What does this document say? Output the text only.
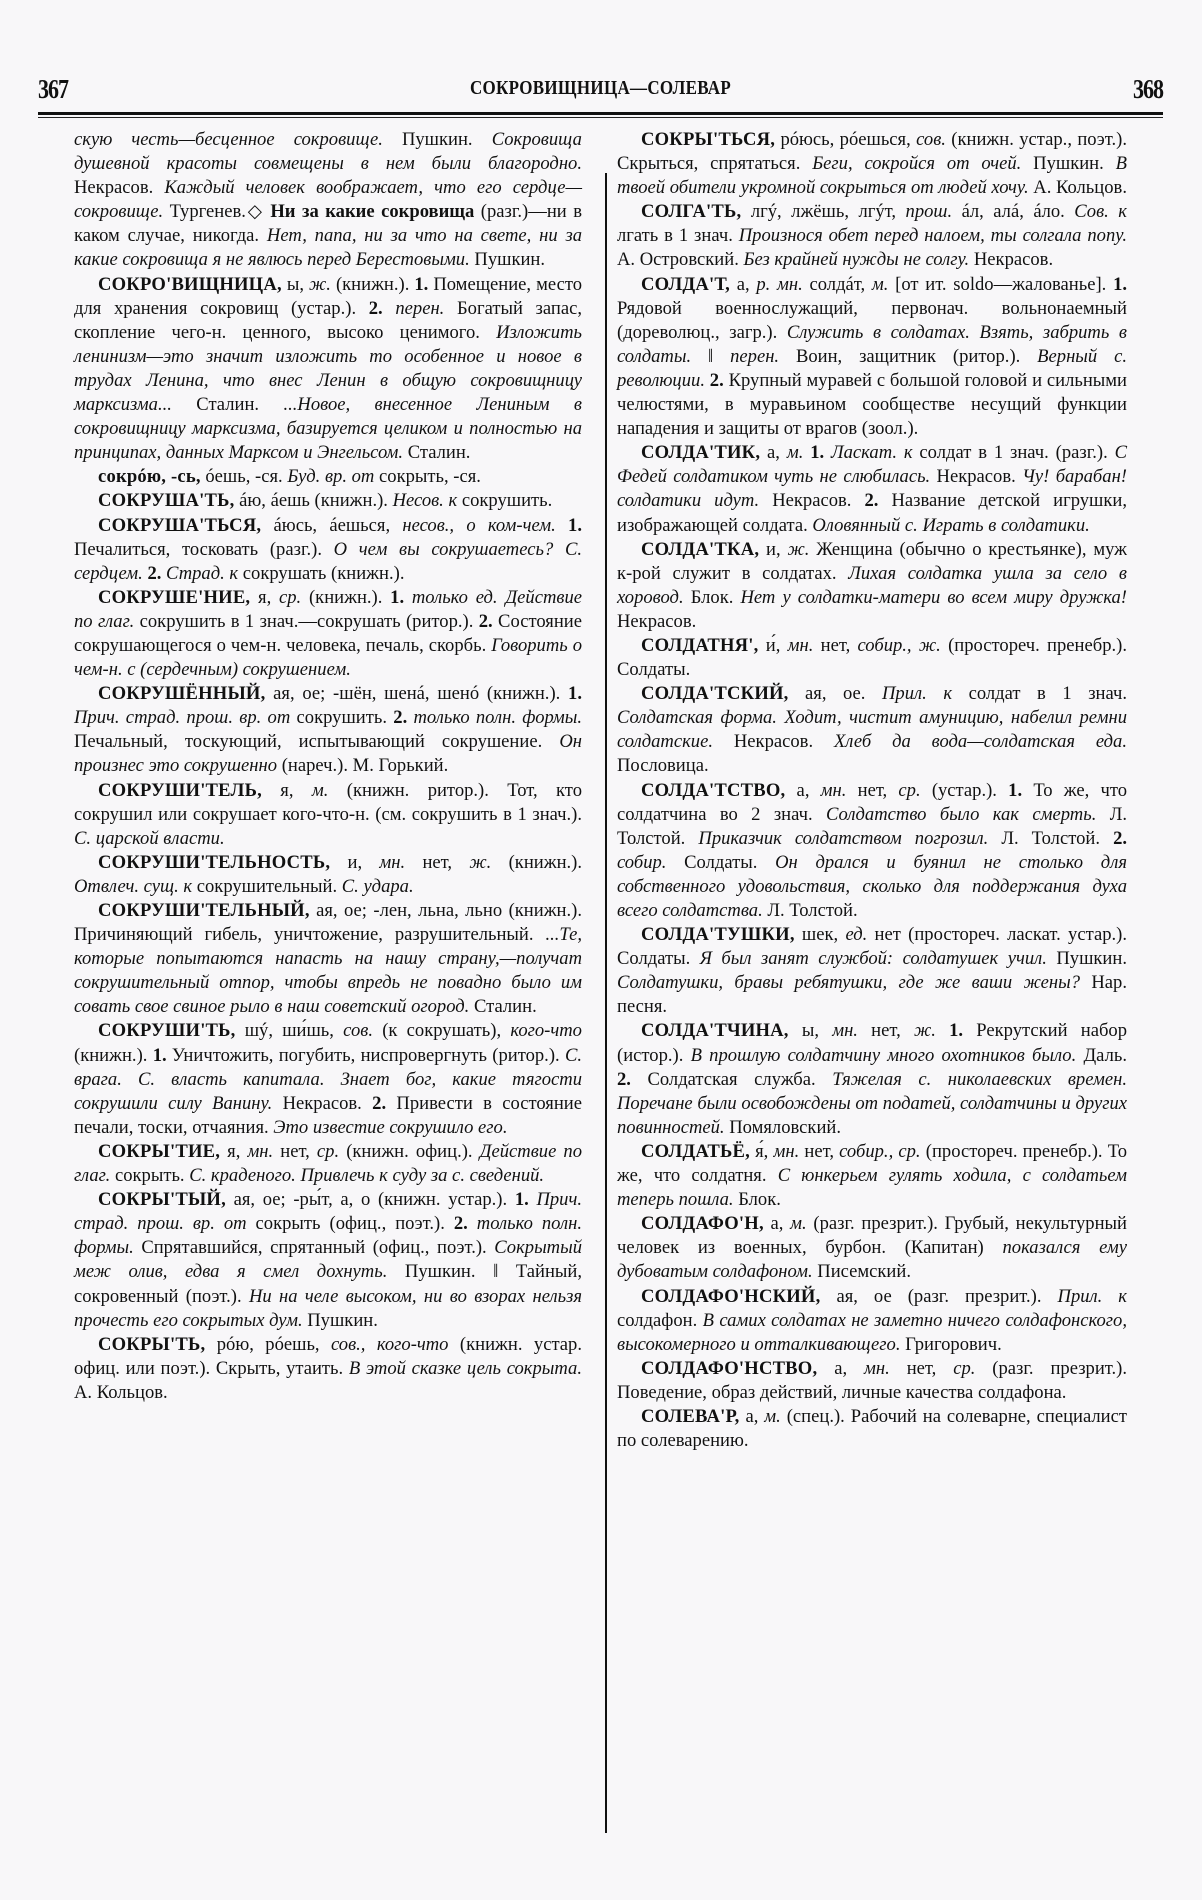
367	СОКРОВИЩНИЦА—СОЛЕВАР	368

скую честь—бесценное сокровище. Пушкин. Сокровища душевной красоты совмещены в нем были благородно. Некрасов. Каждый человек воображает, что его сердце—сокровище. Тургенев.◇ Ни за какие сокровища (разг.)—ни в каком случае, никогда. Нет, папа, ни за что на свете, ни за какие сокровища я не явлюсь перед Берестовыми. Пушкин.

СОКРО'ВИЩНИЦА, ы, ж. (книжн.). 1. Помещение, место для хранения сокровищ (устар.). 2. перен. Богатый запас, скопление чего-н. ценного, высоко ценимого. Изложить ленинизм—это значит изложить то особенное и новое в трудах Ленина, что внес Ленин в общую сокровищницу марксизма... Сталин. ...Новое, внесенное Лениным в сокровищницу марксизма, базируется целиком и полностью на принципах, данных Марксом и Энгельсом. Сталин.

сокрóю, -сь, óешь, -ся. Буд. вр. от сокрыть, -ся.

СОКРУША'ТЬ, áю, áешь (книжн.). Несов. к сокрушить.

СОКРУША'ТЬСЯ, áюсь, áешься, несов., о ком-чем. 1. Печалиться, тосковать (разг.). О чем вы сокрушаетесь? С. сердцем. 2. Страд. к сокрушать (книжн.).

СОКРУШЕ'НИЕ, я, ср. (книжн.). 1. только ед. Действие по глаг. сокрушить в 1 знач.—сокрушать (ритор.). 2. Состояние сокрушающегося о чем-н. человека, печаль, скорбь. Говорить о чем-н. с (сердечным) сокрушением.

СОКРУШЁННЫЙ, ая, ое; -шён, шенá, шенó (книжн.). 1. Прич. страд. прош. вр. от сокрушить. 2. только полн. формы. Печальный, тоскующий, испытывающий сокрушение. Он произнес это сокрушенно (нареч.). М. Горький.

СОКРУШИ'ТЕЛЬ, я, м. (книжн. ритор.). Тот, кто сокрушил или сокрушает кого-что-н. (см. сокрушить в 1 знач.). С. царской власти.

СОКРУШИ'ТЕЛЬНОСТЬ, и, мн. нет, ж. (книжн.). Отвлеч. сущ. к сокрушительный. С. удара.

СОКРУШИ'ТЕЛЬНЫЙ, ая, ое; -лен, льна, льно (книжн.). Причиняющий гибель, уничтожение, разрушительный. ...Те, которые попытаются напасть на нашу страну,—получат сокрушительный отпор, чтобы впредь не повадно было им совать свое свиное рыло в наш советский огород. Сталин.

СОКРУШИ'ТЬ, шý, ши́шь, сов. (к сокрушать), кого-что (книжн.). 1. Уничтожить, погубить, ниспровергнуть (ритор.). С. врага. С. власть капитала. Знает бог, какие тягости сокрушили силу Ванину. Некрасов. 2. Привести в состояние печали, тоски, отчаяния. Это известие сокрушило его.

СОКРЫ'ТИЕ, я, мн. нет, ср. (книжн. офиц.). Действие по глаг. сокрыть. С. краденого. Привлечь к суду за с. сведений.

СОКРЫ'ТЫЙ, ая, ое; -ры́т, а, о (книжн. устар.). 1. Прич. страд. прош. вр. от сокрыть (офиц., поэт.). 2. только полн. формы. Спрятавшийся, спрятанный (офиц., поэт.). Сокрытый меж олив, едва я смел дохнуть. Пушкин. ‖ Тайный, сокровенный (поэт.). Ни на челе высоком, ни во взорах нельзя прочесть его сокрытых дум. Пушкин.

СОКРЫ'ТЬ, рóю, рóешь, сов., кого-что (книжн. устар. офиц. или поэт.). Скрыть, утаить. В этой сказке цель сокрыта. А. Кольцов.

СОКРЫ'ТЬСЯ, рóюсь, рóешься, сов. (книжн. устар., поэт.). Скрыться, спрятаться. Беги, сокройся от очей. Пушкин. В твоей обители укромной сокрыться от людей хочу. А. Кольцов.

СОЛГА'ТЬ, лгý, лжёшь, лгýт, прош. áл, алá, áло. Сов. к лгать в 1 знач. Произнося обет перед налоем, ты солгала попу. А. Островский. Без крайней нужды не солгу. Некрасов.

СОЛДА'Т, а, р. мн. солдáт, м. [от ит. soldo—жалованье]. 1. Рядовой военнослужащий, первонач. вольнонаемный (дореволюц., загр.). Служить в солдатах. Взять, забрить в солдаты. ‖ перен. Воин, защитник (ритор.). Верный с. революции. 2. Крупный муравей с большой головой и сильными челюстями, в муравьином сообществе несущий функции нападения и защиты от врагов (зоол.).

СОЛДА'ТИК, а, м. 1. Ласкат. к солдат в 1 знач. (разг.). С Федей солдатиком чуть не слюбилась. Некрасов. Чу! барабан! солдатики идут. Некрасов. 2. Название детской игрушки, изображающей солдата. Оловянный с. Играть в солдатики.

СОЛДА'ТКА, и, ж. Женщина (обычно о крестьянке), муж к-рой служит в солдатах. Лихая солдатка ушла за село в хоровод. Блок. Нет у солдатки-матери во всем миру дружка! Некрасов.

СОЛДАТНЯ', и́, мн. нет, собир., ж. (простореч. пренебр.). Солдаты.

СОЛДА'ТСКИЙ, ая, ое. Прил. к солдат в 1 знач. Солдатская форма. Ходит, чистит амуницию, набелил ремни солдатские. Некрасов. Хлеб да вода—солдатская еда. Пословица.

СОЛДА'ТСТВО, а, мн. нет, ср. (устар.). 1. То же, что солдатчина во 2 знач. Солдатство было как смерть. Л. Толстой. Приказчик солдатством погрозил. Л. Толстой. 2. собир. Солдаты. Он дрался и буянил не столько для собственного удовольствия, сколько для поддержания духа всего солдатства. Л. Толстой.

СОЛДА'ТУШКИ, шек, ед. нет (простореч. ласкат. устар.). Солдаты. Я был занят службой: солдатушек учил. Пушкин. Солдатушки, бравы ребятушки, где же ваши жены? Нар. песня.

СОЛДА'ТЧИНА, ы, мн. нет, ж. 1. Рекрутский набор (истор.). В прошлую солдатчину много охотников было. Даль. 2. Солдатская служба. Тяжелая с. николаевских времен. Поречане были освобождены от податей, солдатчины и других повинностей. Помяловский.

СОЛДАТЬЁ, я́, мн. нет, собир., ср. (простореч. пренебр.). То же, что солдатня. С юнкерьем гулять ходила, с солдатьем теперь пошла. Блок.

СОЛДАФО'Н, а, м. (разг. презрит.). Грубый, некультурный человек из военных, бурбон. (Капитан) показался ему дубоватым солдафоном. Писемский.

СОЛДАФО'НСКИЙ, ая, ое (разг. презрит.). Прил. к солдафон. В самих солдатах не заметно ничего солдафонского, высокомерного и отталкивающего. Григорович.

СОЛДАФО'НСТВО, а, мн. нет, ср. (разг. презрит.). Поведение, образ действий, личные качества солдафона.

СОЛЕВА'Р, а, м. (спец.). Рабочий на солеварне, специалист по солеварению.
